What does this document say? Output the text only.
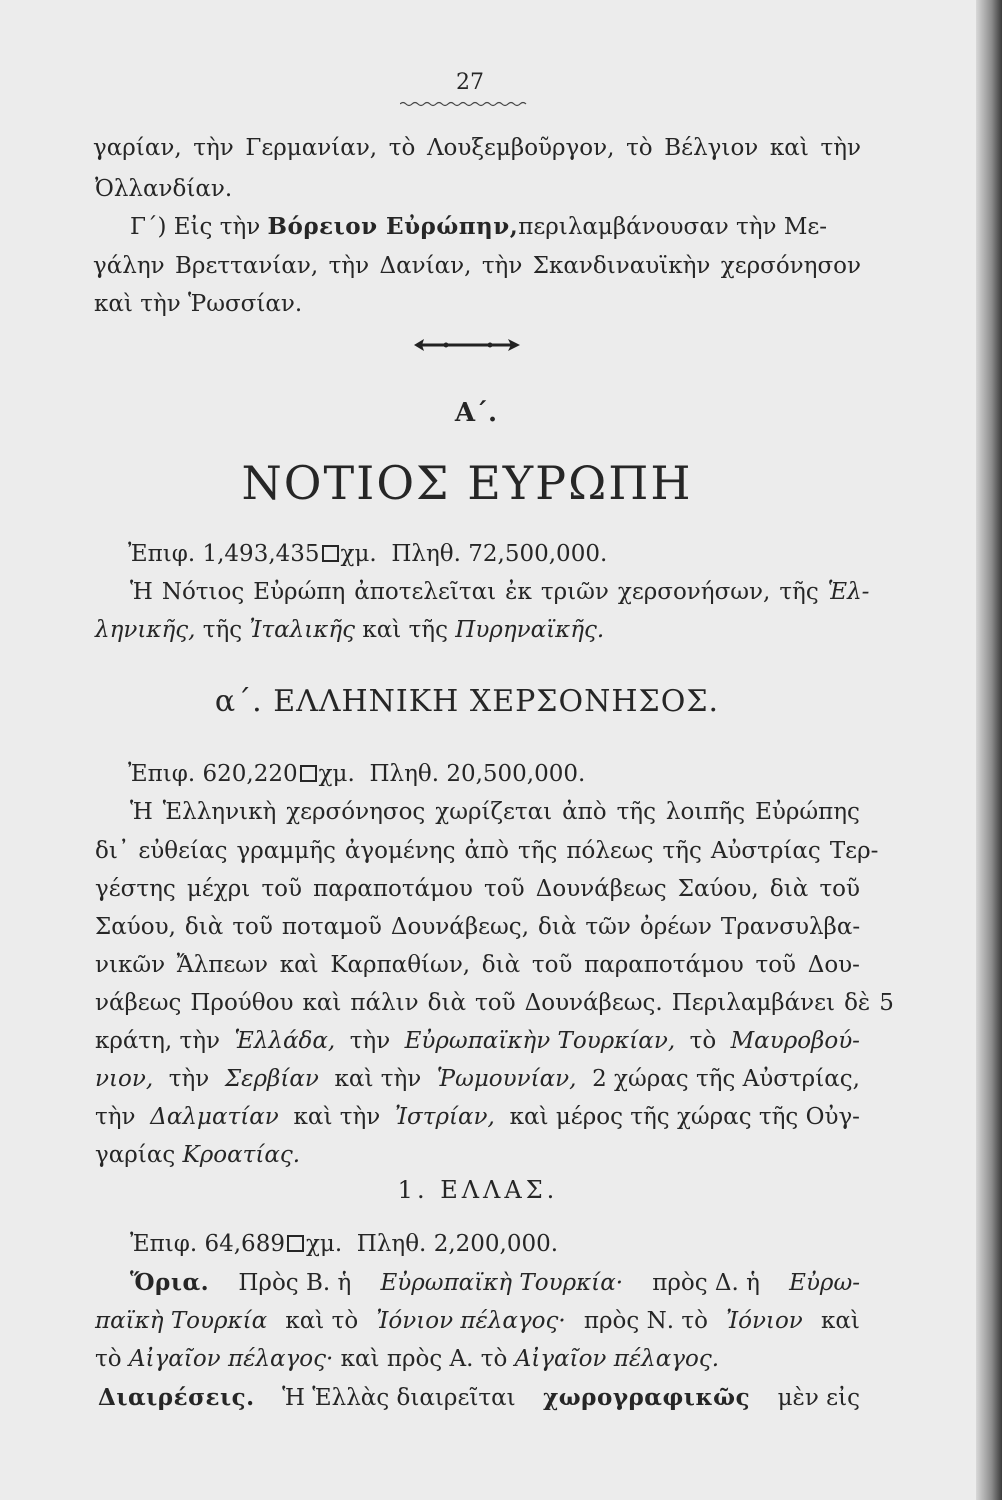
27
γαρίαν, τὴν Γερμανίαν, τὸ Λουξεμβοῦργον, τὸ Βέλγιον καὶ τὴν
Ὀλλανδίαν.
Γ΄) Εἰς τὴν Βόρειον Εὐρώπην,περιλαμβάνουσαν τὴν Με-
γάλην Βρεττανίαν, τὴν Δανίαν, τὴν Σκανδιναυϊκὴν χερσόνησον
καὶ τὴν Ῥωσσίαν.
Α΄.
ΝΟΤΙΟΣ ΕΥΡΩΠΗ
Ἐπιφ. 1,493,435 χμ. Πληθ. 72,500,000.
Ἡ Νότιος Εὐρώπη ἀποτελεῖται ἐκ τριῶν χερσονήσων, τῆς Ἑλ-
ληνικῆς, τῆς Ἰταλικῆς καὶ τῆς Πυρηναϊκῆς.
α΄. ΕΛΛΗΝΙΚΗ ΧΕΡΣΟΝΗΣΟΣ.
Ἐπιφ. 620,220 χμ. Πληθ. 20,500,000.
Ἡ Ἑλληνικὴ χερσόνησος χωρίζεται ἀπὸ τῆς λοιπῆς Εὐρώπης
δι᾽ εὐθείας γραμμῆς ἀγομένης ἀπὸ τῆς πόλεως τῆς Αὐστρίας Τερ-
γέστης μέχρι τοῦ παραποτάμου τοῦ Δουνάβεως Σαύου, διὰ τοῦ
Σαύου, διὰ τοῦ ποταμοῦ Δουνάβεως, διὰ τῶν ὀρέων Τρανσυλβα-
νικῶν Ἄλπεων καὶ Καρπαθίων, διὰ τοῦ παραποτάμου τοῦ Δου-
νάβεως Προύθου καὶ πάλιν διὰ τοῦ Δουνάβεως. Περιλαμβάνει δὲ 5
κράτη, τὴν Ἑλλάδα, τὴν Εὐρωπαϊκὴν Τουρκίαν, τὸ Μαυροβού-
νιον, τὴν Σερβίαν καὶ τὴν Ῥωμουνίαν, 2 χώρας τῆς Αὐστρίας,
τὴν Δαλματίαν καὶ τὴν Ἰστρίαν, καὶ μέρος τῆς χώρας τῆς Οὐγ-
γαρίας Κροατίας.
1. ΕΛΛΑΣ.
Ἐπιφ. 64,689 χμ. Πληθ. 2,200,000.
Ὅρια. Πρὸς Β. ἡ Εὐρωπαϊκὴ Τουρκία· πρὸς Δ. ἡ Εὐρω-
παϊκὴ Τουρκία καὶ τὸ Ἰόνιον πέλαγος· πρὸς Ν. τὸ Ἰόνιον καὶ
τὸ Αἰγαῖον πέλαγος· καὶ πρὸς Α. τὸ Αἰγαῖον πέλαγος.
Διαιρέσεις. Ἡ Ἑλλὰς διαιρεῖται χωρογραφικῶς μὲν εἰς
